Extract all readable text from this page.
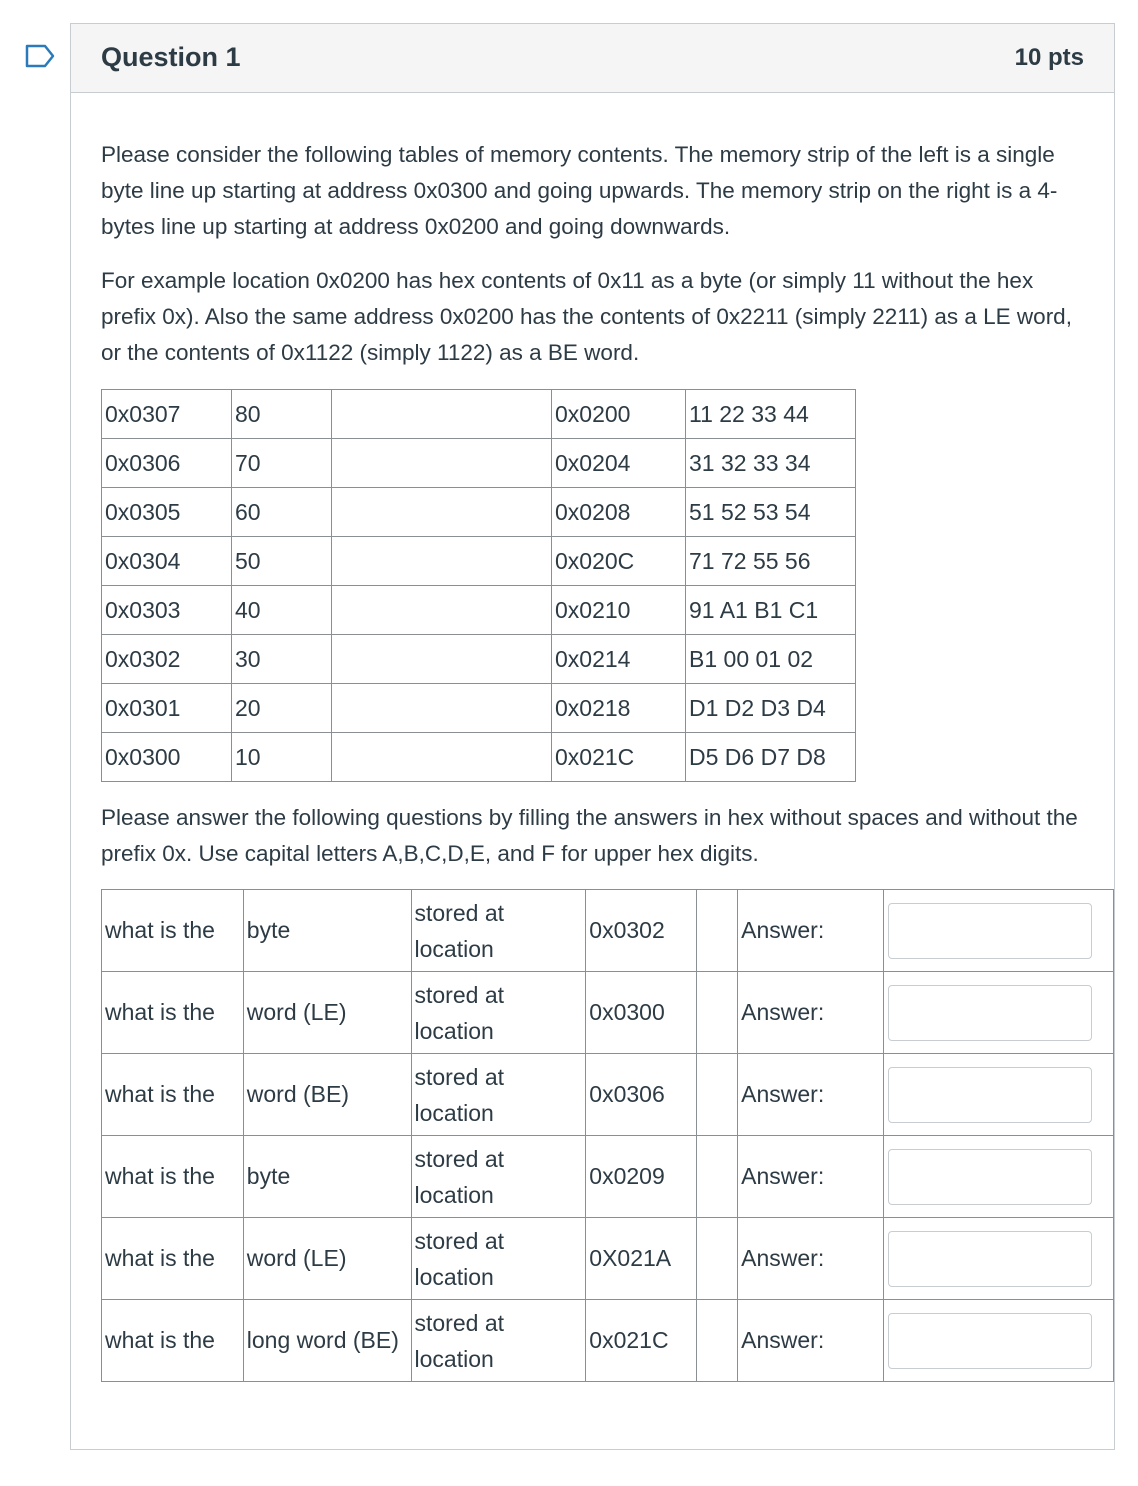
Question 1	10 pts

Please consider the following tables of memory contents. The memory strip of the left is a single byte line up starting at address 0x0300 and going upwards. The memory strip on the right is a 4-bytes line up starting at address 0x0200 and going downwards.

For example location 0x0200 has hex contents of 0x11 as a byte (or simply 11 without the hex prefix 0x). Also the same address 0x0200 has the contents of 0x2211 (simply 2211) as a LE word, or the contents of 0x1122 (simply 1122) as a BE word.

0x0307	80		0x0200	11 22 33 44
0x0306	70		0x0204	31 32 33 34
0x0305	60		0x0208	51 52 53 54
0x0304	50		0x020C	71 72 55 56
0x0303	40		0x0210	91 A1 B1 C1
0x0302	30		0x0214	B1 00 01 02
0x0301	20		0x0218	D1 D2 D3 D4
0x0300	10		0x021C	D5 D6 D7 D8

Please answer the following questions by filling the answers in hex without spaces and without the prefix 0x. Use capital letters A,B,C,D,E, and F for upper hex digits.

what is the	byte	stored at location	0x0302		Answer:	
what is the	word (LE)	stored at location	0x0300		Answer:	
what is the	word (BE)	stored at location	0x0306		Answer:	
what is the	byte	stored at location	0x0209		Answer:	
what is the	word (LE)	stored at location	0X021A		Answer:	
what is the	long word (BE)	stored at location	0x021C		Answer:	
